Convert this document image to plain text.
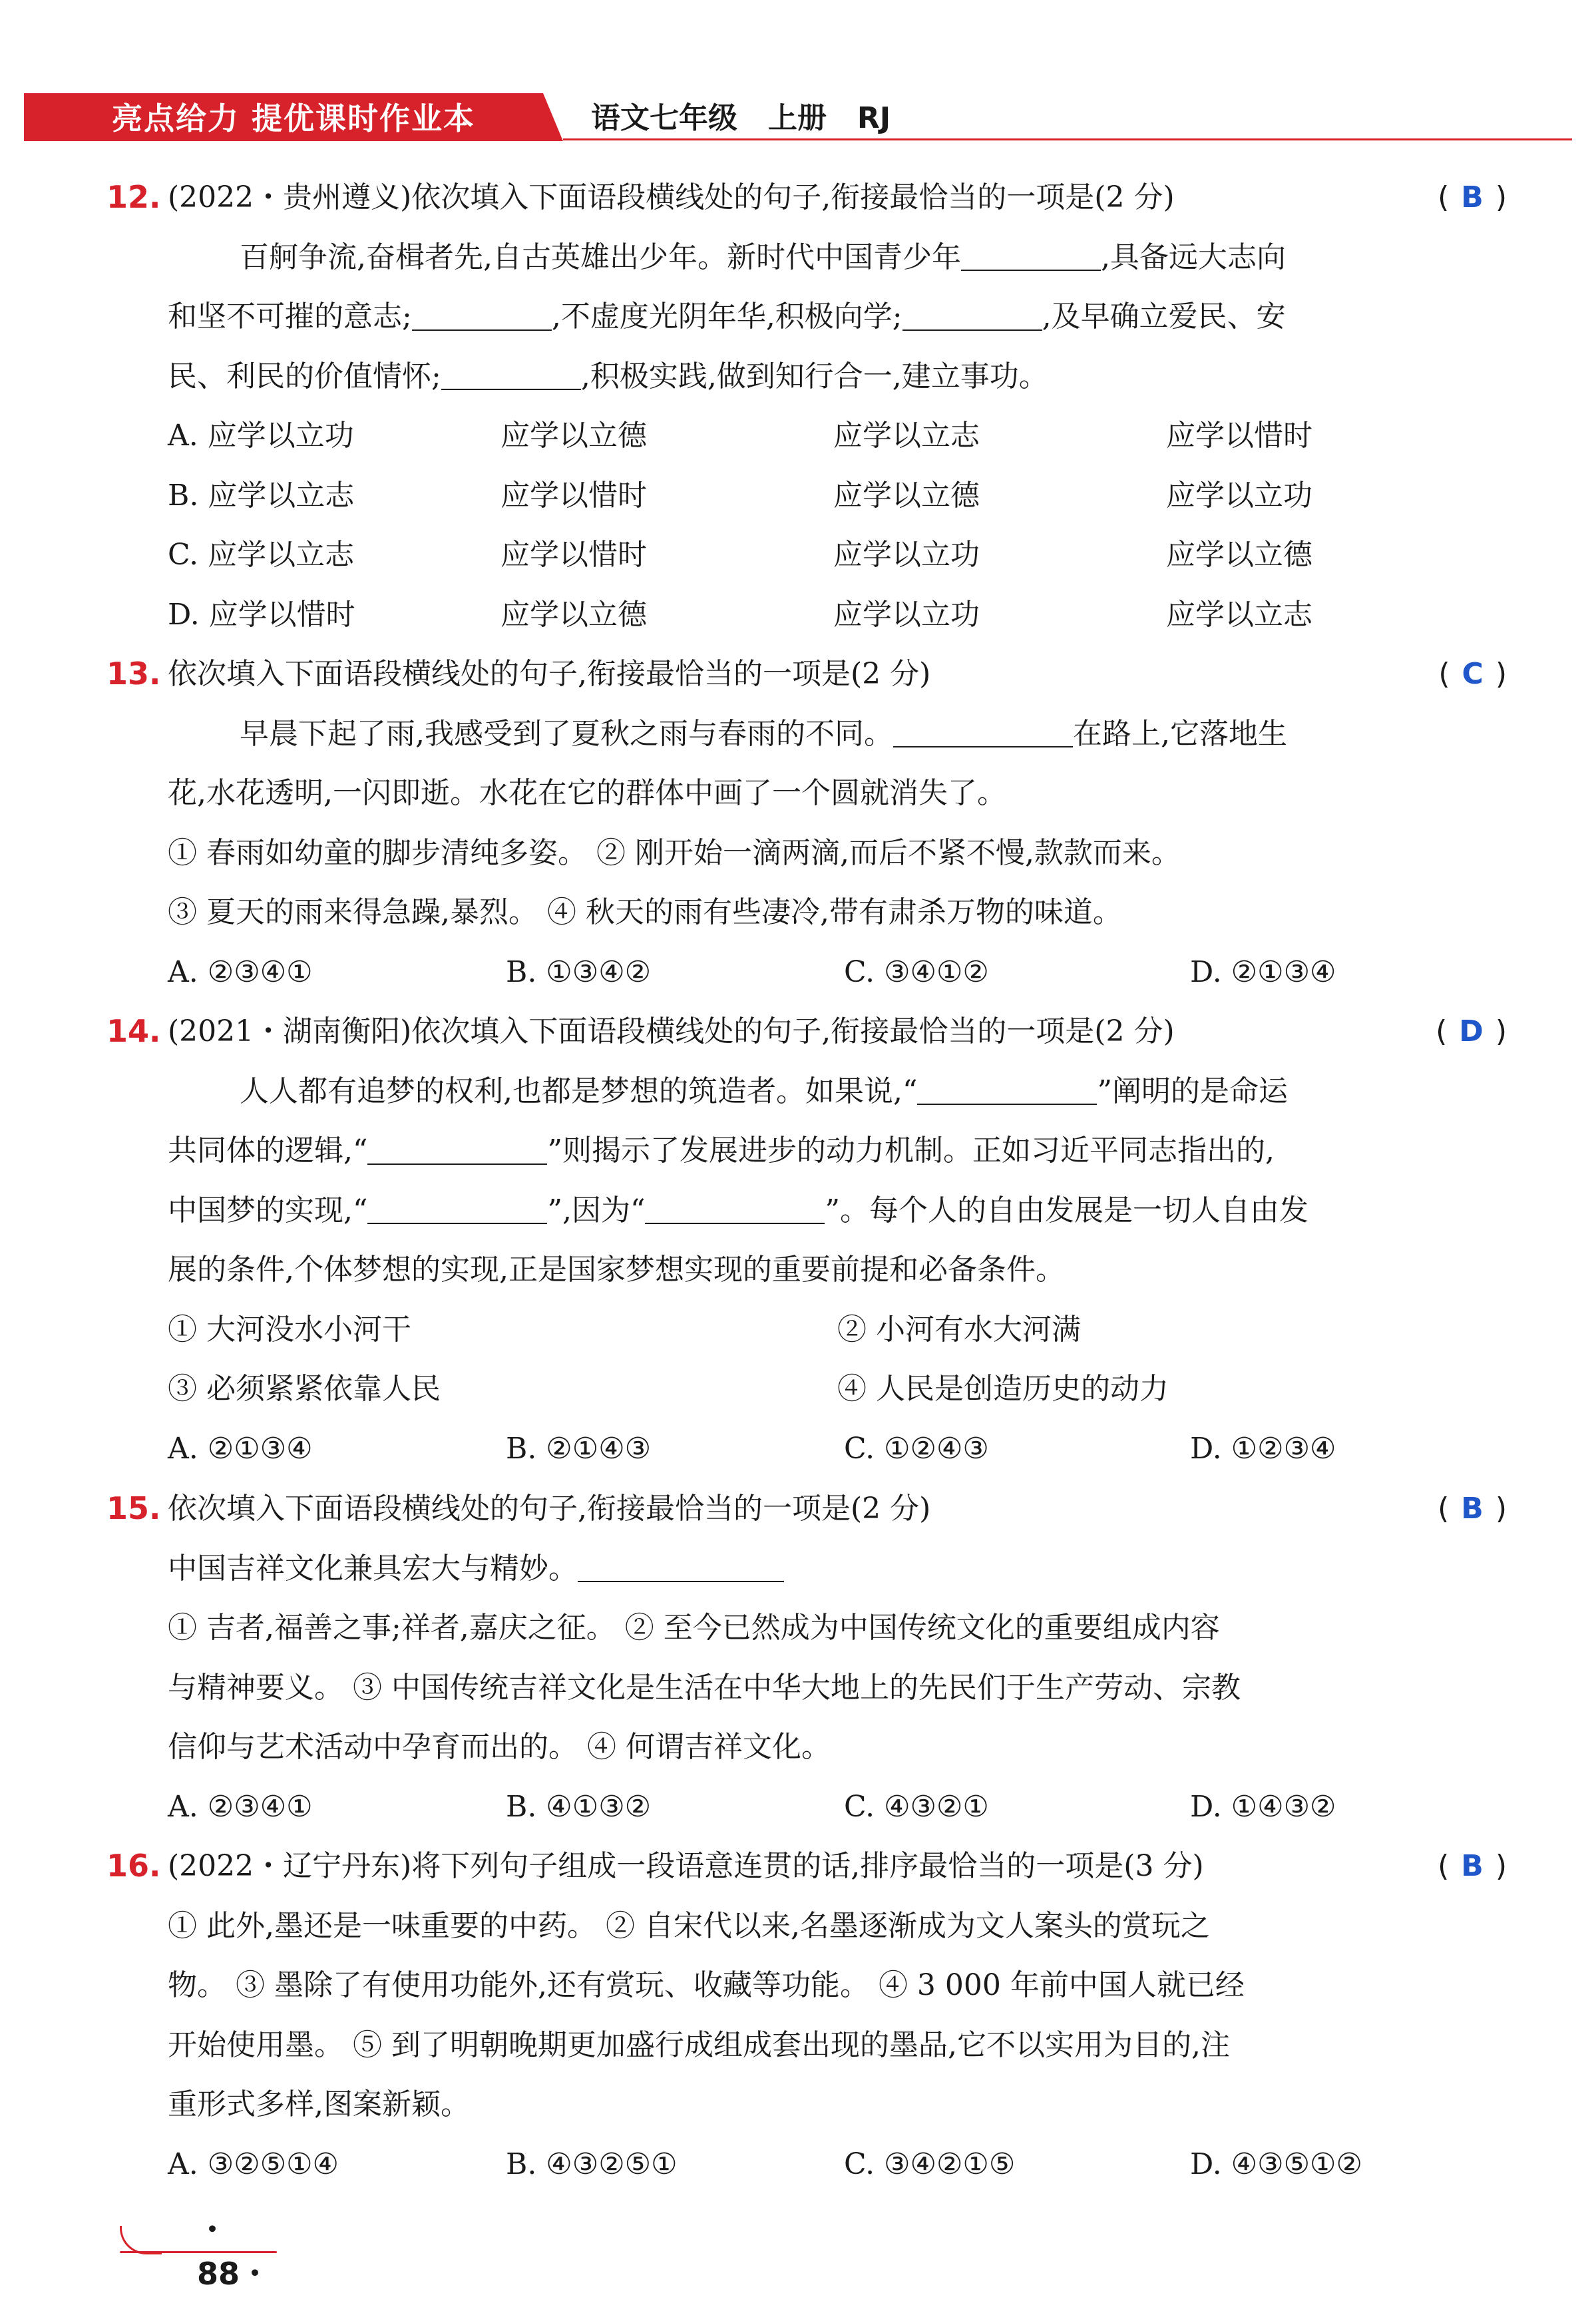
亮点给力 提优课时作业本	语文七年级   上册   RJ
12. (2022・贵州遵义)依次填入下面语段横线处的句子,衔接最恰当的一项是(2 分)	( B )
百舸争流,奋楫者先,自古英雄出少年。新时代中国青少年	,具备远大志向
和坚不可摧的意志;	,不虚度光阴年华,积极向学;	,及早确立爱民、安
民、利民的价值情怀;	,积极实践,做到知行合一,建立事功。
A. 应学以立功	应学以立德	应学以立志	应学以惜时
B. 应学以立志	应学以惜时	应学以立德	应学以立功
C. 应学以立志	应学以惜时	应学以立功	应学以立德
D. 应学以惜时	应学以立德	应学以立功	应学以立志
13. 依次填入下面语段横线处的句子,衔接最恰当的一项是(2 分)	( C )
早晨下起了雨,我感受到了夏秋之雨与春雨的不同。	在路上,它落地生
花,水花透明,一闪即逝。水花在它的群体中画了一个圆就消失了。
① 春雨如幼童的脚步清纯多姿。 ② 刚开始一滴两滴,而后不紧不慢,款款而来。
③ 夏天的雨来得急躁,暴烈。 ④ 秋天的雨有些凄冷,带有肃杀万物的味道。
A. ②③④①	B. ①③④②	C. ③④①②	D. ②①③④
14. (2021・湖南衡阳)依次填入下面语段横线处的句子,衔接最恰当的一项是(2 分)	( D )
人人都有追梦的权利,也都是梦想的筑造者。如果说,“	”阐明的是命运
共同体的逻辑,“	”则揭示了发展进步的动力机制。正如习近平同志指出的,
中国梦的实现,“	”,因为“	”。每个人的自由发展是一切人自由发
展的条件,个体梦想的实现,正是国家梦想实现的重要前提和必备条件。
① 大河没水小河干	② 小河有水大河满
③ 必须紧紧依靠人民	④ 人民是创造历史的动力
A. ②①③④	B. ②①④③	C. ①②④③	D. ①②③④
15. 依次填入下面语段横线处的句子,衔接最恰当的一项是(2 分)	( B )
中国吉祥文化兼具宏大与精妙。
① 吉者,福善之事;祥者,嘉庆之征。 ② 至今已然成为中国传统文化的重要组成内容
与精神要义。 ③ 中国传统吉祥文化是生活在中华大地上的先民们于生产劳动、宗教
信仰与艺术活动中孕育而出的。 ④ 何谓吉祥文化。
A. ②③④①	B. ④①③②	C. ④③②①	D. ①④③②
16. (2022・辽宁丹东)将下列句子组成一段语意连贯的话,排序最恰当的一项是(3 分)	( B )
① 此外,墨还是一味重要的中药。 ② 自宋代以来,名墨逐渐成为文人案头的赏玩之
物。 ③ 墨除了有使用功能外,还有赏玩、收藏等功能。 ④ 3 000 年前中国人就已经
开始使用墨。 ⑤ 到了明朝晚期更加盛行成组成套出现的墨品,它不以实用为目的,注
重形式多样,图案新颖。
A. ③②⑤①④	B. ④③②⑤①	C. ③④②①⑤	D. ④③⑤①②
・88・
